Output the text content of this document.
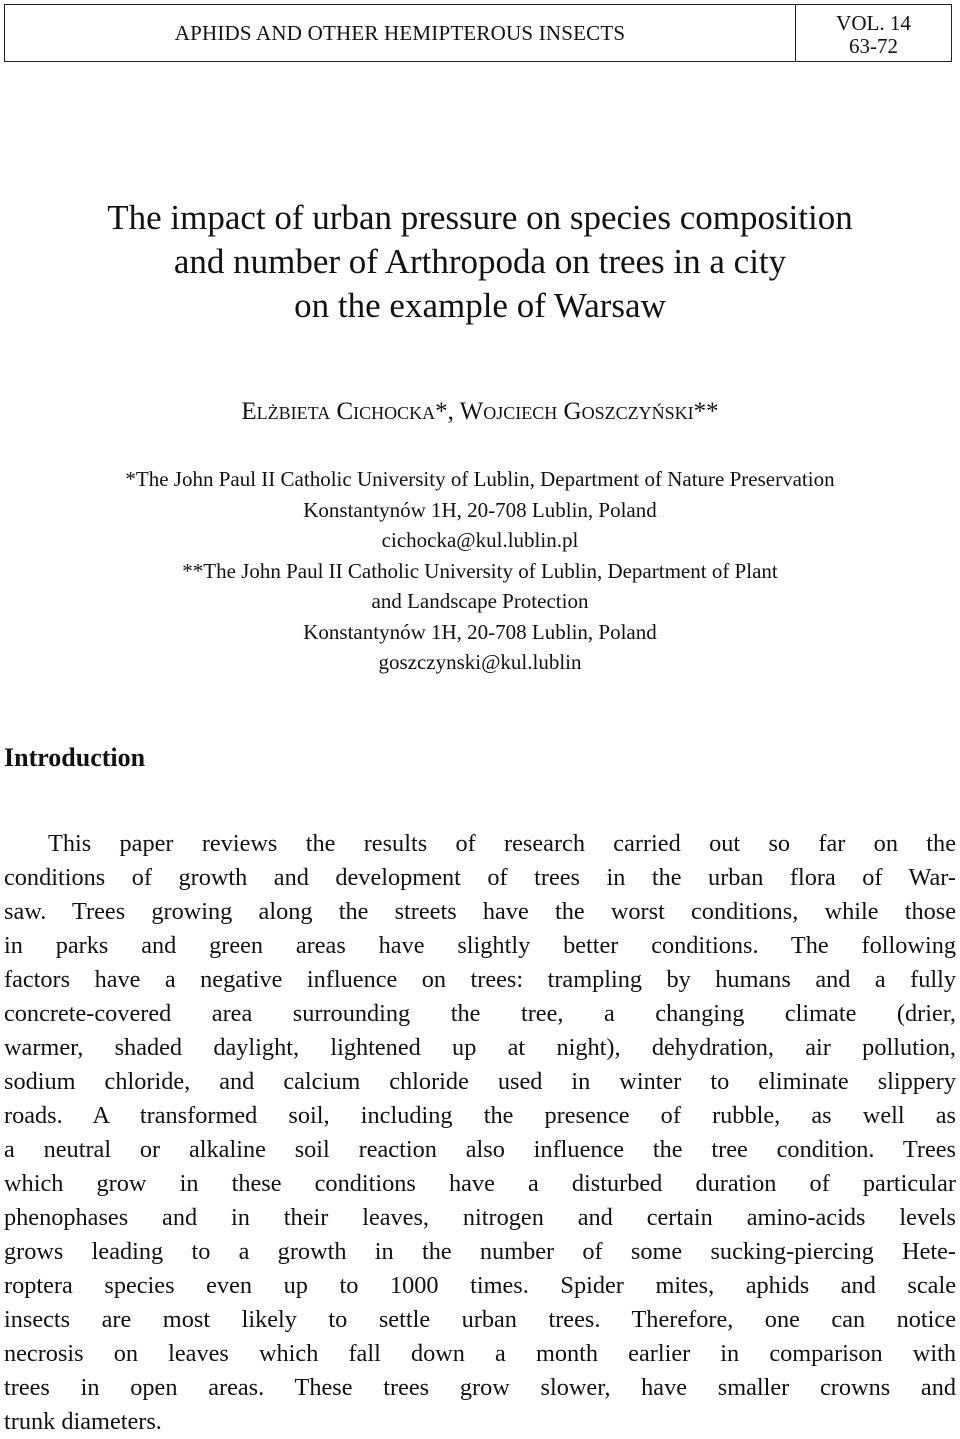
APHIDS AND OTHER HEMIPTEROUS INSECTS	VOL. 14
63-72
The impact of urban pressure on species composition
and number of Arthropoda on trees in a city
on the example of Warsaw
Elżbieta Cichocka*, Wojciech Goszczyński**
*The John Paul II Catholic University of Lublin, Department of Nature Preservation
Konstantynów 1H, 20-708 Lublin, Poland
cichocka@kul.lublin.pl
**The John Paul II Catholic University of Lublin, Department of Plant
and Landscape Protection
Konstantynów 1H, 20-708 Lublin, Poland
goszczynski@kul.lublin
Introduction
This paper reviews the results of research carried out so far on the
conditions of growth and development of trees in the urban flora of War-
saw. Trees growing along the streets have the worst conditions, while those
in parks and green areas have slightly better conditions. The following
factors have a negative influence on trees: trampling by humans and a fully
concrete-covered area surrounding the tree, a changing climate (drier,
warmer, shaded daylight, lightened up at night), dehydration, air pollution,
sodium chloride, and calcium chloride used in winter to eliminate slippery
roads. A transformed soil, including the presence of rubble, as well as
a neutral or alkaline soil reaction also influence the tree condition. Trees
which grow in these conditions have a disturbed duration of particular
phenophases and in their leaves, nitrogen and certain amino-acids levels
grows leading to a growth in the number of some sucking-piercing Hete-
roptera species even up to 1000 times. Spider mites, aphids and scale
insects are most likely to settle urban trees. Therefore, one can notice
necrosis on leaves which fall down a month earlier in comparison with
trees in open areas. These trees grow slower, have smaller crowns and
trunk diameters.
